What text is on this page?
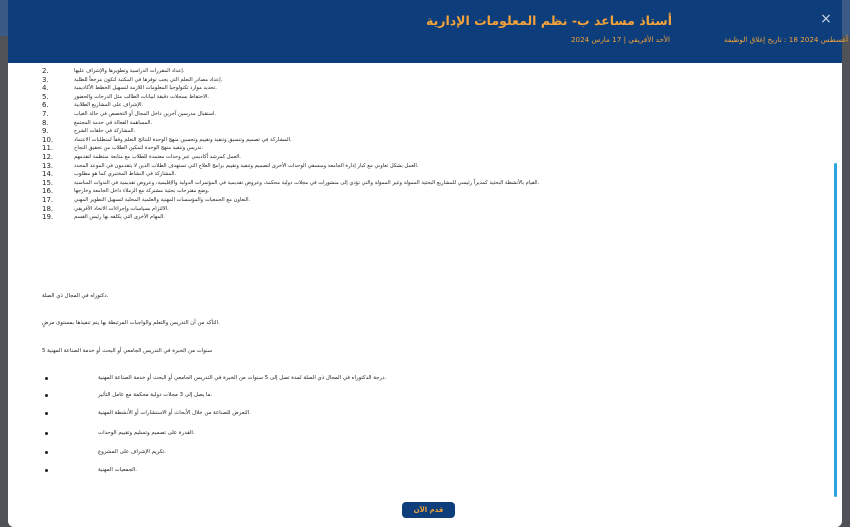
×
أستاذ مساعد ب- نظم المعلومات الإدارية
الأحد الأفريقي | 17 مارس 2024	أغسطس 2024 18 : تاريخ إغلاق الوظيفة
2.	.إعداد المقررات الدراسية وتطويرها والإشراف عليها
3.	.إعداد مصادر التعلم التي يجب توفرها في المكتبة لتكون مرجعاً للطلبة
4.	.تحديد موارد تكنولوجيا المعلومات اللازمة لتسهيل الخطط الأكاديمية
5.	.الاحتفاظ بسجلات دقيقة لبيانات الطالب مثل الدرجات والحضور
6.	.الإشراف على المشاريع الطلابية
7.	.استقبال مدرسين آخرين داخل المجال أو التخصص في حالة الغياب
8.	.المساهمة الفعالة في خدمة المجتمع
9.	.المشاركة في حلقات الشرح
10.	.المشاركة في تصميم وتنسيق وتنفيذ وتقييم وتحسين منهج الوحدة للنتائج التعلم وفقاً لمتطلبات الاعتماد
11.	.تدريس وتنفيذ منهج الوحدة لتمكين الطلاب من تحقيق النجاح
12.	.العمل كمرشد أكاديمي عبر وحدات معتمدة للطلاب مع متابعة منتظمة لتقدمهم
13.	.العمل بشكل تعاوني مع كبار إدارة الجامعة ومنسقي الوحدات الأخرى لتصميم وتنفيذ وتقييم برامج العلاج التي تستهدف الطلاب الذين لا يتقدمون في الموعد المحدد
14.	.المشاركة في النشاط المختبري كما هو مطلوب
15.	.القيام بالأنشطة البحثية كمديراً رئيسي للمشاريع البحثية الممولة وغير الممولة والتي تؤدي إلى منشورات في مجلات دولية محكمة، وعروض تقديمية في المؤتمرات الدولية والإقليمية، وعروض تقديمية في الندوات المناسبة
16.	.وضع مقترحات بحثية مشتركة مع الزملاء داخل الجامعة وخارجها
17.	.التعاون مع الجمعيات والمؤسسات المهنية والعلمية المحلية لتسهيل التطوير المهني
18.	.الالتزام بسياسات وإجراءات الاتحاد الأفريقي
19.	.المهام الأخرى التي يكلفه بها رئيس القسم
.دكتوراه في المجال ذي الصلة
.التأكد من أن التدريس والتعلم والواجبات المرتبطة بها يتم تنفيذها بمستوى مرضٍ
سنوات من الخبرة في التدريس الجامعي أو البحث أو خدمة الصناعة المهنية 5
.درجة الدكتوراه في المجال ذي الصلة لمدة تصل إلى 5 سنوات من الخبرة في التدريس الجامعي أو البحث أو خدمة الصناعة المهنية
.ما يصل إلى 3 مجلات دولية محكمة مع عامل التأثير
.التعرض للصناعة من خلال الأبحاث أو الاستشارات أو الأنشطة المهنية
.القدرة على تصميم وتسليم وتقييم الوحدات
.تكريم الإشراف على المشروع
.الجمعيات المهنية
قدم الآن
